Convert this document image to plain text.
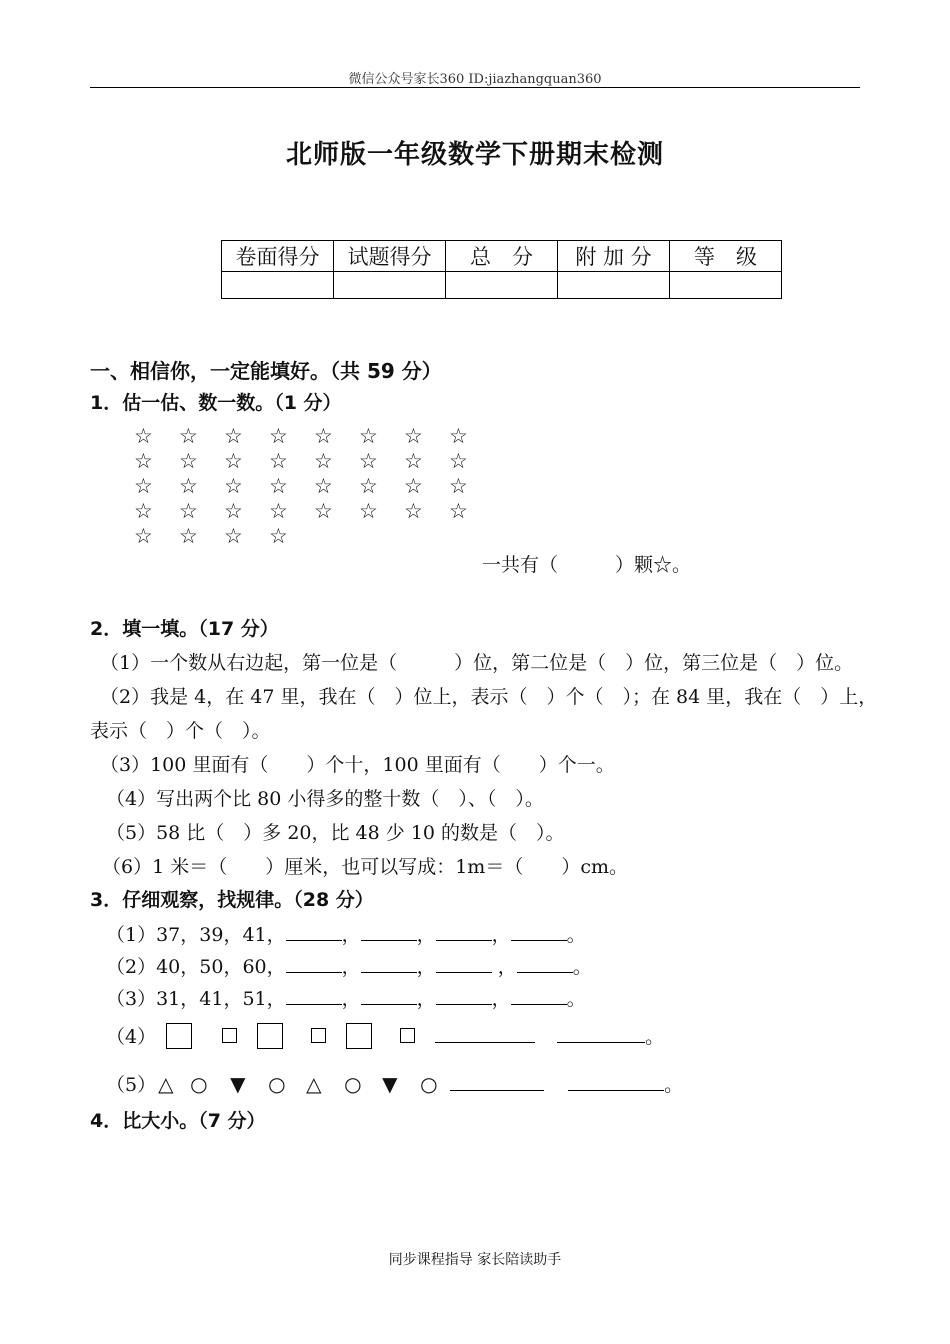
微信公众号家长360 ID:jiazhangquan360
北师版一年级数学下册期末检测
卷面得分	试题得分	总　分	附 加 分	等　级

一、相信你，一定能填好。（共 59 分）
1．估一估、数一数。（1 分）
☆	☆	☆	☆	☆	☆	☆	☆
☆	☆	☆	☆	☆	☆	☆	☆
☆	☆	☆	☆	☆	☆	☆	☆
☆	☆	☆	☆	☆	☆	☆	☆
☆	☆	☆	☆
一共有（　　　）颗☆。
2．填一填。（17 分）
（1）一个数从右边起，第一位是（　　　）位，第二位是（　）位，第三位是（　）位。
（2）我是 4，在 47 里，我在（　）位上，表示（　）个（　）；在 84 里，我在（　）上，
表示（　）个（　）。
（3）100 里面有（　　）个十，100 里面有（　　）个一。
（4）写出两个比 80 小得多的整十数（　）、（　）。
（5）58 比（　）多 20，比 48 少 10 的数是（　）。
（6）1 米＝（　　）厘米，也可以写成：1m＝（　　）cm。
3．仔细观察，找规律。（28 分）
（1）37，39，41，	，	，	，	。
（2）40，50，60，	，	，	，	。
（3）31，41，51，	，	，	，	。
（4）	。
（5） △ ○	▼	○	△	○	▼	○	。
4．比大小。（7 分）
同步课程指导 家长陪读助手
